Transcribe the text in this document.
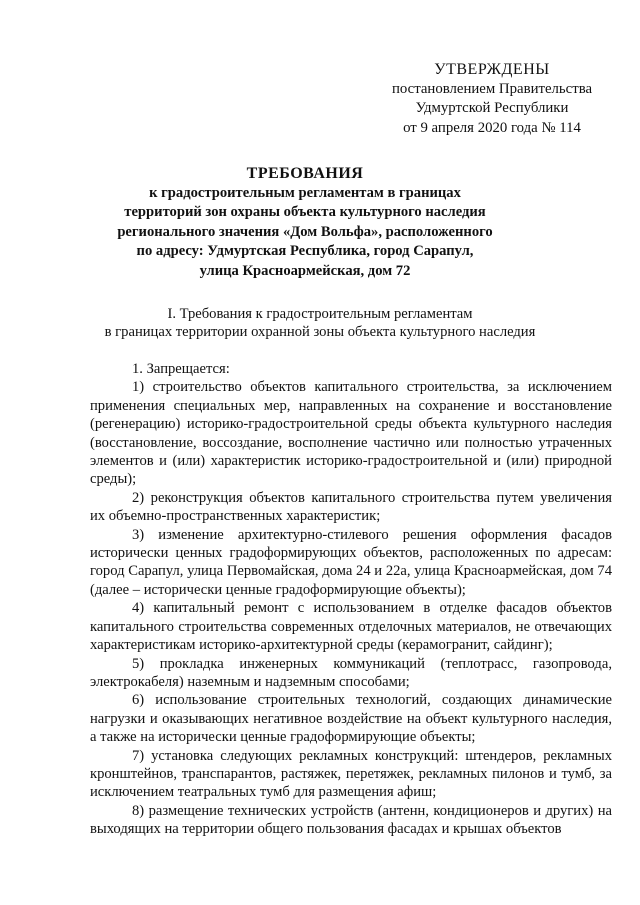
УТВЕРЖДЕНЫ
постановлением Правительства
Удмуртской Республики
от 9 апреля 2020 года № 114
ТРЕБОВАНИЯ
к градостроительным регламентам в границах
территорий зон охраны объекта культурного наследия
регионального значения «Дом Вольфа», расположенного
по адресу: Удмуртская Республика, город Сарапул,
улица Красноармейская, дом 72
I. Требования к градостроительным регламентам
в границах территории охранной зоны объекта культурного наследия

1. Запрещается:

1) строительство объектов капитального строительства, за исключением применения специальных мер, направленных на сохранение и восстановление (регенерацию) историко-градостроительной среды объекта культурного наследия (восстановление, воссоздание, восполнение частично или полностью утраченных элементов и (или) характеристик историко-градостроительной и (или) природной среды);

2) реконструкция объектов капитального строительства путем увеличения их объемно-пространственных характеристик;

3) изменение архитектурно-стилевого решения оформления фасадов исторически ценных градоформирующих объектов, расположенных по адресам: город Сарапул, улица Первомайская, дома 24 и 22а, улица Красноармейская, дом 74 (далее – исторически ценные градоформирующие объекты);

4) капитальный ремонт с использованием в отделке фасадов объектов капитального строительства современных отделочных материалов, не отвечающих характеристикам историко-архитектурной среды (керамогранит, сайдинг);

5) прокладка инженерных коммуникаций (теплотрасс, газопровода, электрокабеля) наземным и надземным способами;

6) использование строительных технологий, создающих динамические нагрузки и оказывающих негативное воздействие на объект культурного наследия, а также на исторически ценные градоформирующие объекты;

7) установка следующих рекламных конструкций: штендеров, рекламных кронштейнов, транспарантов, растяжек, перетяжек, рекламных пилонов и тумб, за исключением театральных тумб для размещения афиш;

8) размещение технических устройств (антенн, кондиционеров и других) на выходящих на территории общего пользования фасадах и крышах объектов
